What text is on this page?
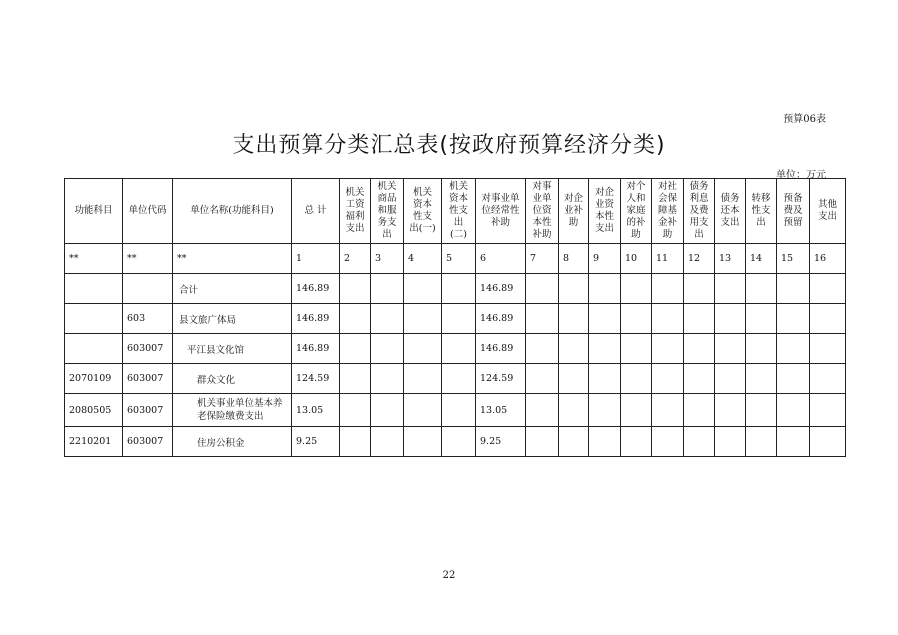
预算06表
支出预算分类汇总表(按政府预算经济分类)
单位：万元
功能科目	单位代码	单位名称(功能科目)	总 计	机关工资福利支出	机关商品和服务支出	机关资本性支出(一)	机关资本性支出(二)	对事业单位经常性补助	对事业单位资本性补助	对企业补助	对企业资本性支出	对个人和家庭的补助	对社会保障基金补助	债务利息及费用支出	债务还本支出	转移性支出	预备费及预留	其他支出
**	**	**	1	2	3	4	5	6	7	8	9	10	11	12	13	14	15	16
		合计	146.89					146.89										
	603	县文旅广体局	146.89					146.89										
	603007	平江县文化馆	146.89					146.89										
2070109	603007	群众文化	124.59					124.59										
2080505	603007	机关事业单位基本养老保险缴费支出	13.05					13.05										
2210201	603007	住房公积金	9.25					9.25										
22
